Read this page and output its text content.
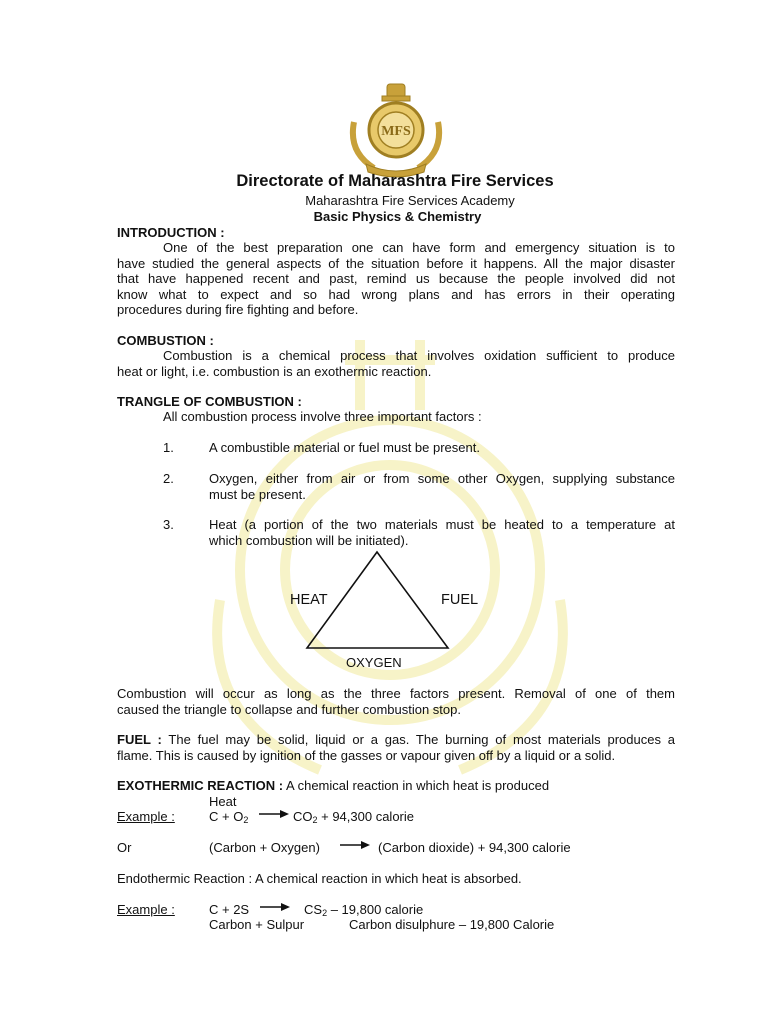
MFS
Directorate of Maharashtra Fire Services
Maharashtra Fire Services Academy
Basic Physics & Chemistry
INTRODUCTION :
One of the best preparation one can have form and emergency situation is to
have studied the general aspects of the situation before it happens. All the major disaster
that have happened recent and past, remind us because the people involved did not
know what to expect and so had wrong plans and has errors in their operating
procedures during fire fighting and before.
COMBUSTION :
Combustion is a chemical process that involves oxidation sufficient to produce
heat or light, i.e. combustion is an exothermic reaction.
TRANGLE OF COMBUSTION :
All combustion process involve three important factors :
1.	A combustible material or fuel must be present.
2.	Oxygen, either from air or from some other Oxygen, supplying substance
must be present.
3.	Heat (a portion of the two materials must be heated to a temperature at
which combustion will be initiated).
HEAT	FUEL
OXYGEN
Combustion will occur as long as the three factors present. Removal of one of them
caused the triangle to collapse and further combustion stop.
FUEL : The fuel may be solid, liquid or a gas. The burning of most materials produces a
flame. This is caused by ignition of the gasses or vapour given off by a liquid or a solid.
EXOTHERMIC REACTION : A chemical reaction in which heat is produced
Heat
Example :	$C + O_2 \to CO_2 + 94,300$ calorie
Or	(Carbon + Oxygen) → (Carbon dioxide) + 94,300 calorie
Endothermic Reaction : A chemical reaction in which heat is absorbed.
Example :	$C + 2S \to CS_2 - 19,800$ calorie
Carbon + Sulpur	Carbon disulphure – 19,800 Calorie
